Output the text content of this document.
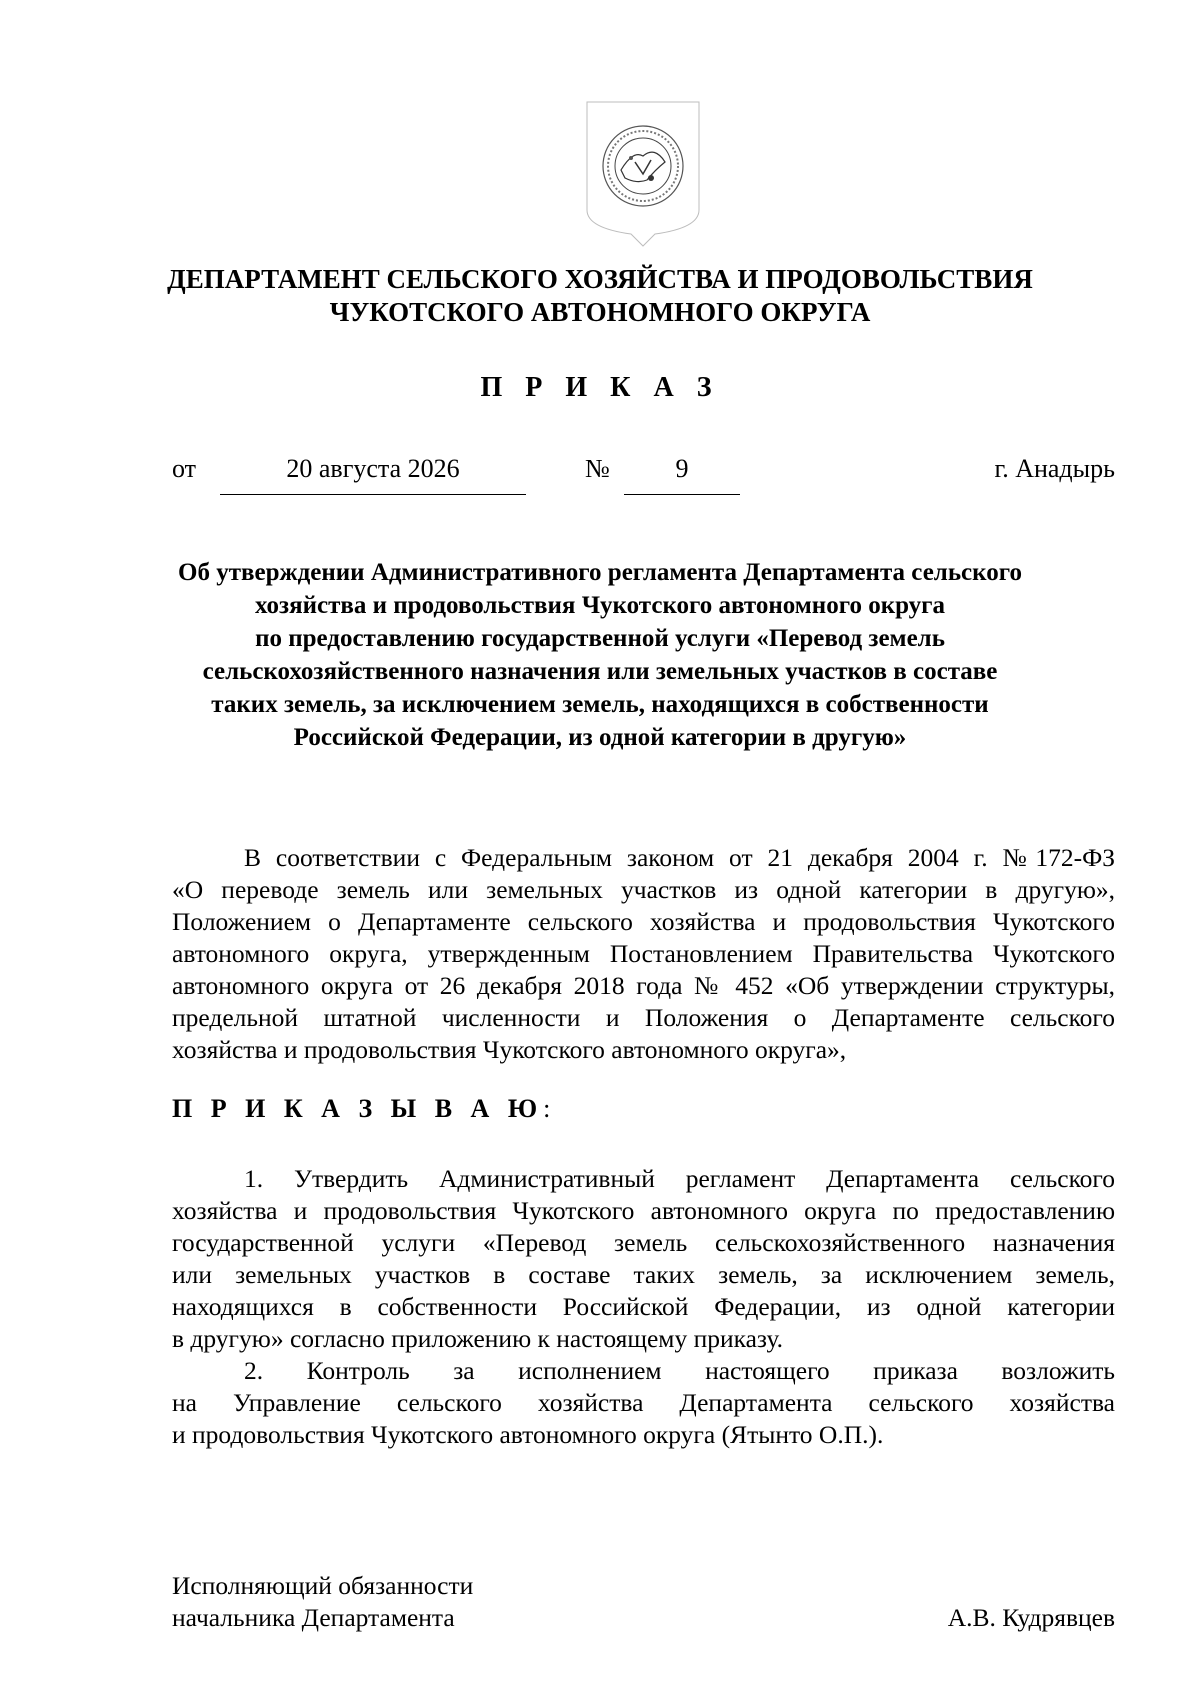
ДЕПАРТАМЕНТ СЕЛЬСКОГО ХОЗЯЙСТВА И ПРОДОВОЛЬСТВИЯ
ЧУКОТСКОГО АВТОНОМНОГО ОКРУГА
П Р И К А З
от	20 августа 2026	№	9	г. Анадырь
Об утверждении Административного регламента Департамента сельского
хозяйства и продовольствия Чукотского автономного округа
по предоставлению государственной услуги «Перевод земель
сельскохозяйственного назначения или земельных участков в составе
таких земель, за исключением земель, находящихся в собственности
Российской Федерации, из одной категории в другую»
В соответствии с Федеральным законом от 21 декабря 2004 г. №172-ФЗ
«О переводе земель или земельных участков из одной категории в другую»,
Положением о Департаменте сельского хозяйства и продовольствия Чукотского
автономного округа, утвержденным Постановлением Правительства Чукотского
автономного округа от 26 декабря 2018 года № 452 «Об утверждении структуры,
предельной штатной численности и Положения о Департаменте сельского
хозяйства и продовольствия Чукотского автономного округа»,
П Р И К А З Ы В А Ю:
1. Утвердить Административный регламент Департамента сельского
хозяйства и продовольствия Чукотского автономного округа по предоставлению
государственной услуги «Перевод земель сельскохозяйственного назначения
или земельных участков в составе таких земель, за исключением земель,
находящихся в собственности Российской Федерации, из одной категории
в другую» согласно приложению к настоящему приказу.
2. Контроль за исполнением настоящего приказа возложить
на Управление сельского хозяйства Департамента сельского хозяйства
и продовольствия Чукотского автономного округа (Ятынто О.П.).
Исполняющий обязанности
начальника Департамента	А.В. Кудрявцев
